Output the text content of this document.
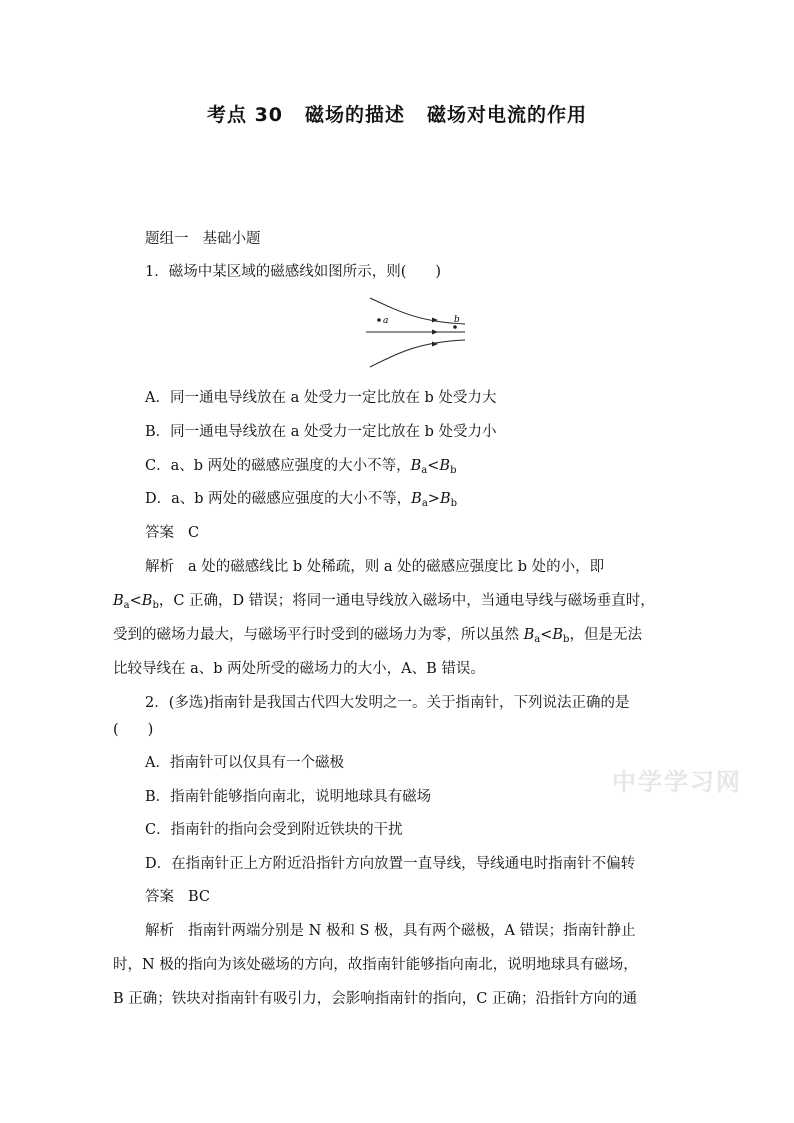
考点 30 磁场的描述 磁场对电流的作用
题组一 基础小题
1．磁场中某区域的磁感线如图所示，则(　　)
a	b
A．同一通电导线放在 a 处受力一定比放在 b 处受力大
B．同一通电导线放在 a 处受力一定比放在 b 处受力小
C．a、b 两处的磁感应强度的大小不等，$B_a<B_b$
D．a、b 两处的磁感应强度的大小不等，$B_a>B_b$
答案 C
解析 a 处的磁感线比 b 处稀疏，则 a 处的磁感应强度比 b 处的小，即
$B_a<B_b$，C 正确，D 错误；将同一通电导线放入磁场中，当通电导线与磁场垂直时，
受到的磁场力最大，与磁场平行时受到的磁场力为零，所以虽然 $B_a<B_b$，但是无法
比较导线在 a、b 两处所受的磁场力的大小，A、B 错误。
2．(多选)指南针是我国古代四大发明之一。关于指南针，下列说法正确的是
(　　)
A．指南针可以仅具有一个磁极
B．指南针能够指向南北，说明地球具有磁场
C．指南针的指向会受到附近铁块的干扰
D．在指南针正上方附近沿指针方向放置一直导线，导线通电时指南针不偏转
答案 BC
解析 指南针两端分别是 N 极和 S 极，具有两个磁极，A 错误；指南针静止
时，N 极的指向为该处磁场的方向，故指南针能够指向南北，说明地球具有磁场，
B 正确；铁块对指南针有吸引力，会影响指南针的指向，C 正确；沿指针方向的通
中学学习网
